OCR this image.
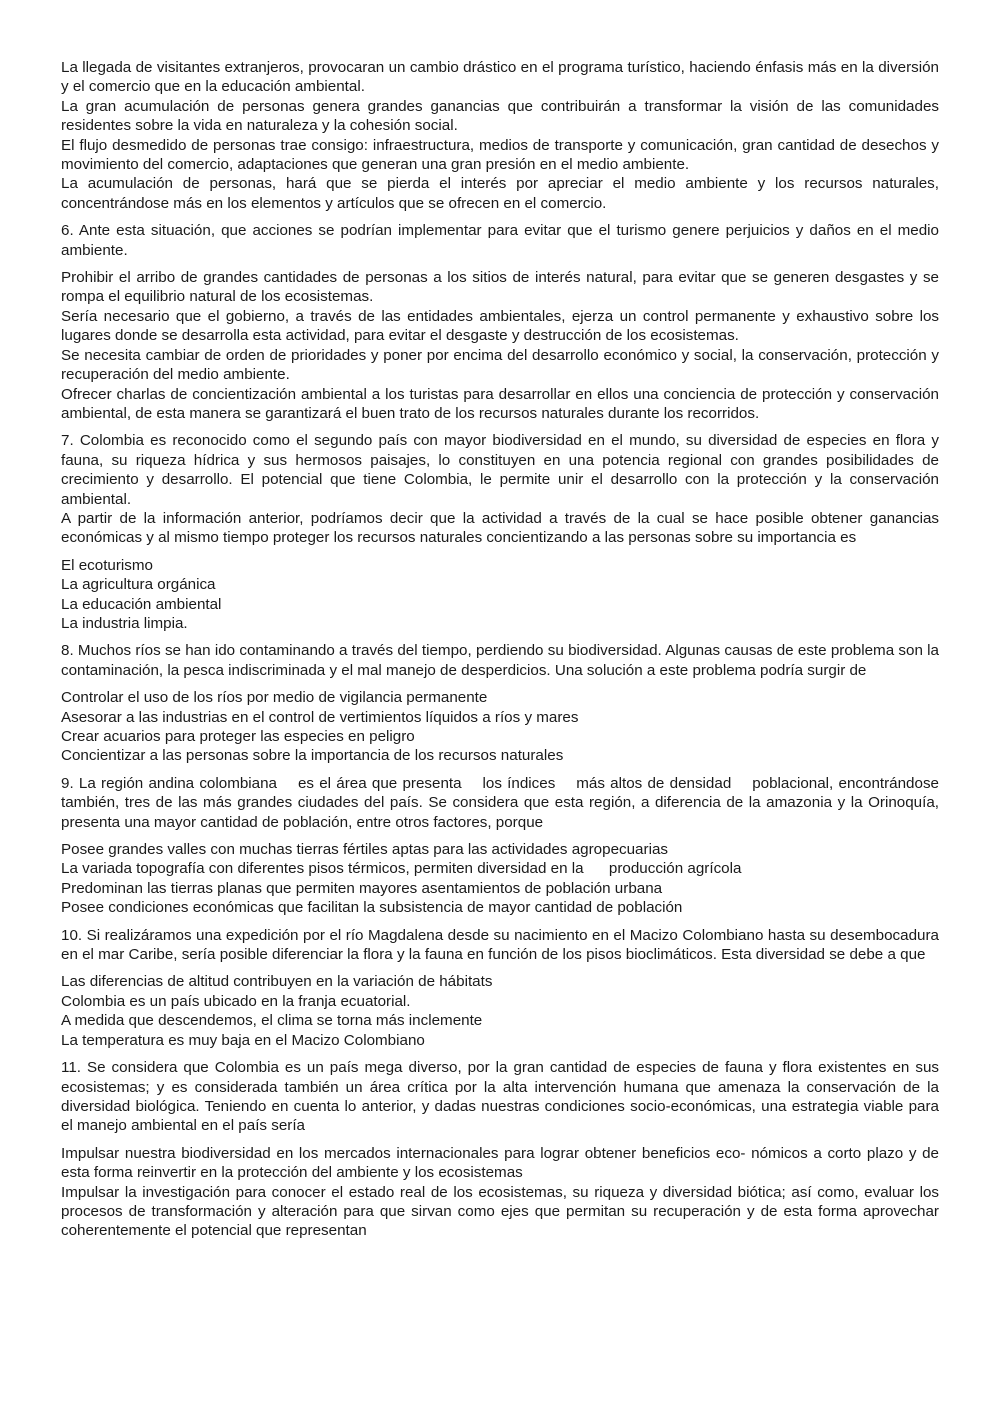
La llegada de visitantes extranjeros, provocaran un cambio drástico en el programa turístico, haciendo énfasis más en la diversión y el comercio que en la educación ambiental.
La gran acumulación de personas genera grandes ganancias que contribuirán a transformar la visión de las comunidades residentes sobre la vida en naturaleza y la cohesión social.
El flujo desmedido de personas trae consigo: infraestructura, medios de transporte y comunicación, gran cantidad de desechos y movimiento del comercio, adaptaciones que generan una gran presión en el medio ambiente.
La acumulación de personas, hará que se pierda el interés por apreciar el medio ambiente y los recursos naturales, concentrándose más en los elementos y artículos que se ofrecen en el comercio.
6. Ante esta situación, que acciones se podrían implementar para evitar que el turismo genere perjuicios y daños en el medio ambiente.
Prohibir el arribo de grandes cantidades de personas a los sitios de interés natural, para evitar que se generen desgastes y se rompa el equilibrio natural de los ecosistemas.
Sería necesario que el gobierno, a través de las entidades ambientales, ejerza un control permanente y exhaustivo sobre los lugares donde se desarrolla esta actividad, para evitar el desgaste y destrucción de los ecosistemas.
Se necesita cambiar de orden de prioridades y poner por encima del desarrollo económico y social, la conservación, protección y recuperación del medio ambiente.
Ofrecer charlas de concientización ambiental a los turistas para desarrollar en ellos una conciencia de protección y conservación ambiental, de esta manera se garantizará el buen trato de los recursos naturales durante los recorridos.
7. Colombia es reconocido como el segundo país con mayor biodiversidad en el mundo, su diversidad de especies en flora y fauna, su riqueza hídrica y sus hermosos paisajes, lo constituyen en una potencia regional con grandes posibilidades de crecimiento y desarrollo. El potencial que tiene Colombia, le permite unir el desarrollo con la protección y la conservación ambiental.
A partir de la información anterior, podríamos decir que la actividad a través de la cual se hace posible obtener ganancias económicas y al mismo tiempo proteger los recursos naturales concientizando a las personas sobre su importancia es
El ecoturismo
La agricultura orgánica
La educación ambiental
La industria limpia.
8. Muchos ríos se han ido contaminando a través del tiempo, perdiendo su biodiversidad. Algunas causas de este problema son la contaminación, la pesca indiscriminada y el mal manejo de desperdicios. Una solución a este problema podría surgir de
Controlar el uso de los ríos por medio de vigilancia permanente
Asesorar a las industrias en el control de vertimientos líquidos a ríos y mares
Crear acuarios para proteger las especies en peligro
Concientizar a las personas sobre la importancia de los recursos naturales
9. La región andina colombiana    es el área que presenta    los índices    más altos de densidad    poblacional, encontrándose también, tres de las más grandes ciudades del país. Se considera que esta región, a diferencia de la amazonia y la Orinoquía, presenta una mayor cantidad de población, entre otros factores, porque
Posee grandes valles con muchas tierras fértiles aptas para las actividades agropecuarias
La variada topografía con diferentes pisos térmicos, permiten diversidad en la      producción agrícola
Predominan las tierras planas que permiten mayores asentamientos de población urbana
Posee condiciones económicas que facilitan la subsistencia de mayor cantidad de población
10. Si realizáramos una expedición por el río Magdalena desde su nacimiento en el Macizo Colombiano hasta su desembocadura en el mar Caribe, sería posible diferenciar la flora y la fauna en función de los pisos bioclimáticos. Esta diversidad se debe a que
Las diferencias de altitud contribuyen en la variación de hábitats
Colombia es un país ubicado en la franja ecuatorial.
A medida que descendemos, el clima se torna más inclemente
La temperatura es muy baja en el Macizo Colombiano
11. Se considera que Colombia es un país mega diverso, por la gran cantidad de especies de fauna y flora existentes en sus ecosistemas; y es considerada también un área crítica por la alta intervención humana que amenaza la conservación de la diversidad biológica. Teniendo en cuenta lo anterior, y dadas nuestras condiciones socio-económicas, una estrategia viable para el manejo ambiental en el país sería
Impulsar nuestra biodiversidad en los mercados internacionales para lograr obtener beneficios eco- nómicos a corto plazo y de esta forma reinvertir en la protección del ambiente y los ecosistemas
Impulsar la investigación para conocer el estado real de los ecosistemas, su riqueza y diversidad biótica; así como, evaluar los procesos de transformación y alteración para que sirvan como ejes que permitan su recuperación y de esta forma aprovechar coherentemente el potencial que representan
